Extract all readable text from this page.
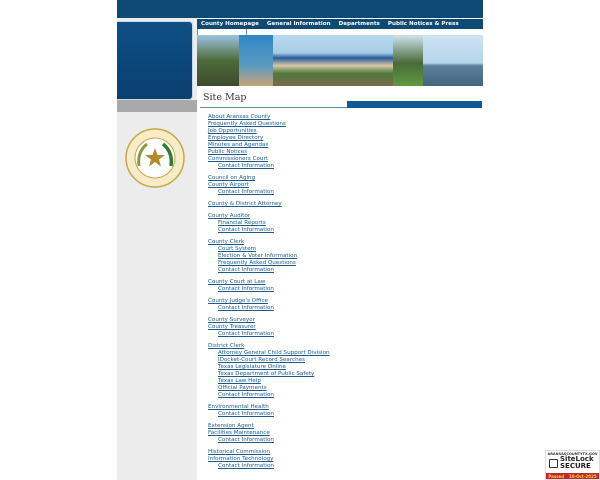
County Homepage General Information Departments Public Notices & Press
Site Map
About Aransas County
Frequently Asked Questions
Job Opportunities
Employee Directory
Minutes and Agendas
Public Notices
Commissioners Court
Contact Information
Council on Aging
County Airport
Contact Information
County & District Attorney
County Auditor
Financial Reports
Contact Information
County Clerk
Court System
Election & Voter Information
Frequently Asked Questions
Contact Information
County Court at Law
Contact Information
County Judge's Office
Contact Information
County Surveyor
County Treasurer
Contact Information
District Clerk
Attorney General Child Support Division
IDocket-Court Record Searches
Texas Legislature Online
Texas Department of Public Safety
Texas Law Help
Official Payments
Contact Information
Environmental Health
Contact Information
Extension Agent
Facilities Maintenance
Contact Information
Historical Commission
Information Technology
Contact Information
ARANSASCOUNTYTX.GOV
SiteLock
SECURE
Passed 10-Oct-2025
